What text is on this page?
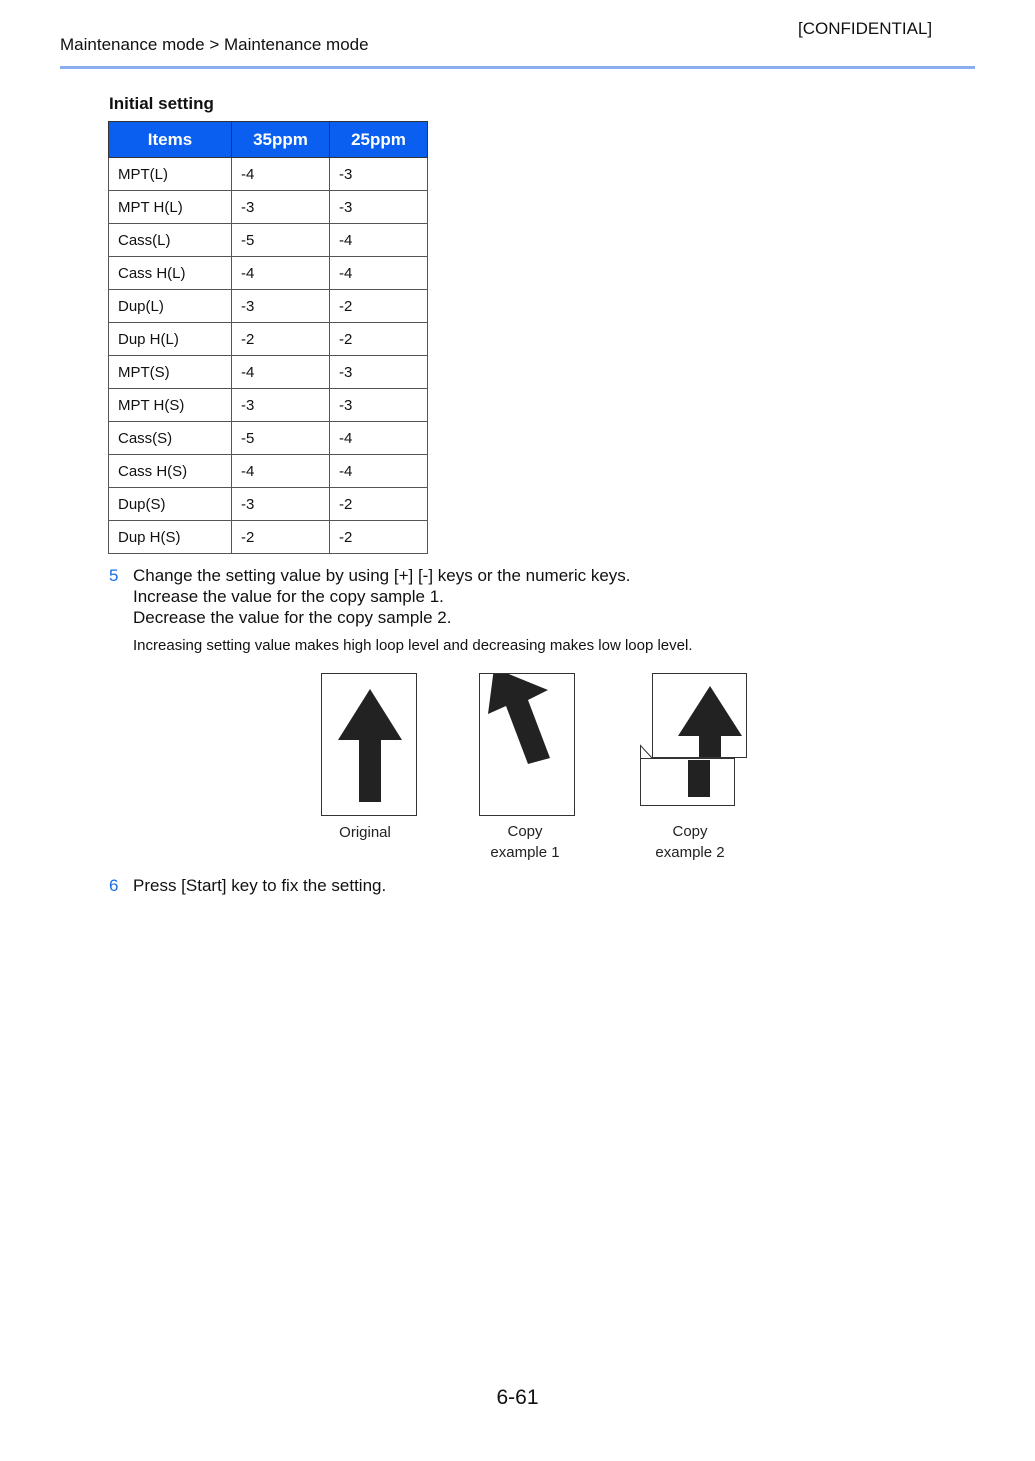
[CONFIDENTIAL]
Maintenance mode > Maintenance mode
Initial setting
Items	35ppm	25ppm
MPT(L)	-4	-3
MPT H(L)	-3	-3
Cass(L)	-5	-4
Cass H(L)	-4	-4
Dup(L)	-3	-2
Dup H(L)	-2	-2
MPT(S)	-4	-3
MPT H(S)	-3	-3
Cass(S)	-5	-4
Cass H(S)	-4	-4
Dup(S)	-3	-2
Dup H(S)	-2	-2
5 Change the setting value by using [+] [-] keys or the numeric keys.
Increase the value for the copy sample 1.
Decrease the value for the copy sample 2.
Increasing setting value makes high loop level and decreasing makes low loop level.
Original	Copy
example 1
Copy
example 2
6 Press [Start] key to fix the setting.
6-61
